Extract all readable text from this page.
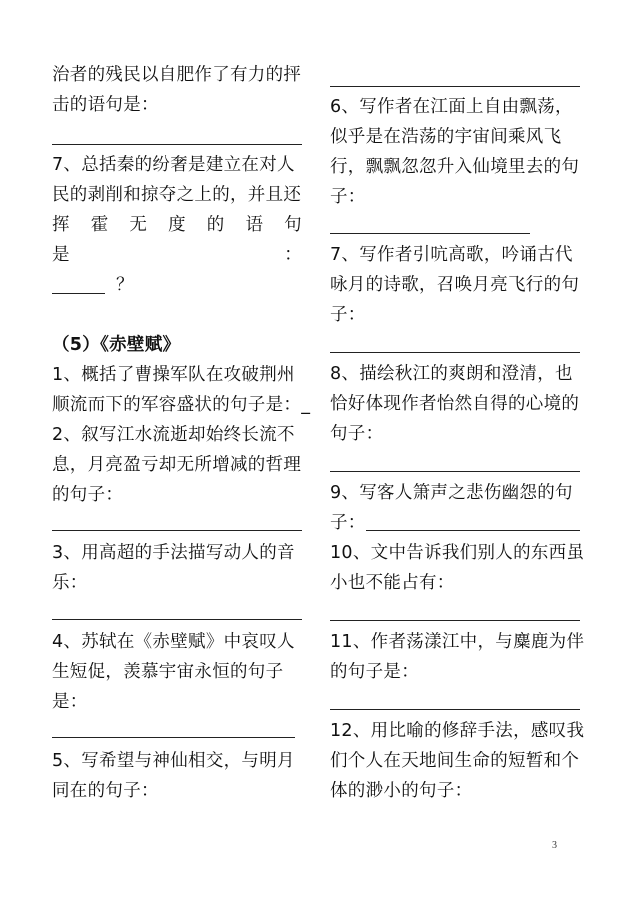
治者的残民以自肥作了有力的抨
击的语句是：
7、总括秦的纷奢是建立在对人
民的剥削和掠夺之上的，并且还
挥 霍 无 度 的 语 句
是	：
？
（5）《赤壁赋》
1、概括了曹操军队在攻破荆州
顺流而下的军容盛状的句子是：_
2、叙写江水流逝却始终长流不
息，月亮盈亏却无所增减的哲理
的句子：
3、用高超的手法描写动人的音
乐：
4、苏轼在《赤壁赋》中哀叹人
生短促，羡慕宇宙永恒的句子
是：
5、写希望与神仙相交，与明月
同在的句子：
6、写作者在江面上自由飘荡，
似乎是在浩荡的宇宙间乘风飞
行，飘飘忽忽升入仙境里去的句
子：
7、写作者引吭高歌，吟诵古代
咏月的诗歌，召唤月亮飞行的句
子：
8、描绘秋江的爽朗和澄清，也
恰好体现作者怡然自得的心境的
句子：
9、写客人箫声之悲伤幽怨的句
子：
10、文中告诉我们别人的东西虽
小也不能占有：
11、作者荡漾江中，与麋鹿为伴
的句子是：
12、用比喻的修辞手法，感叹我
们个人在天地间生命的短暂和个
体的渺小的句子：
3
